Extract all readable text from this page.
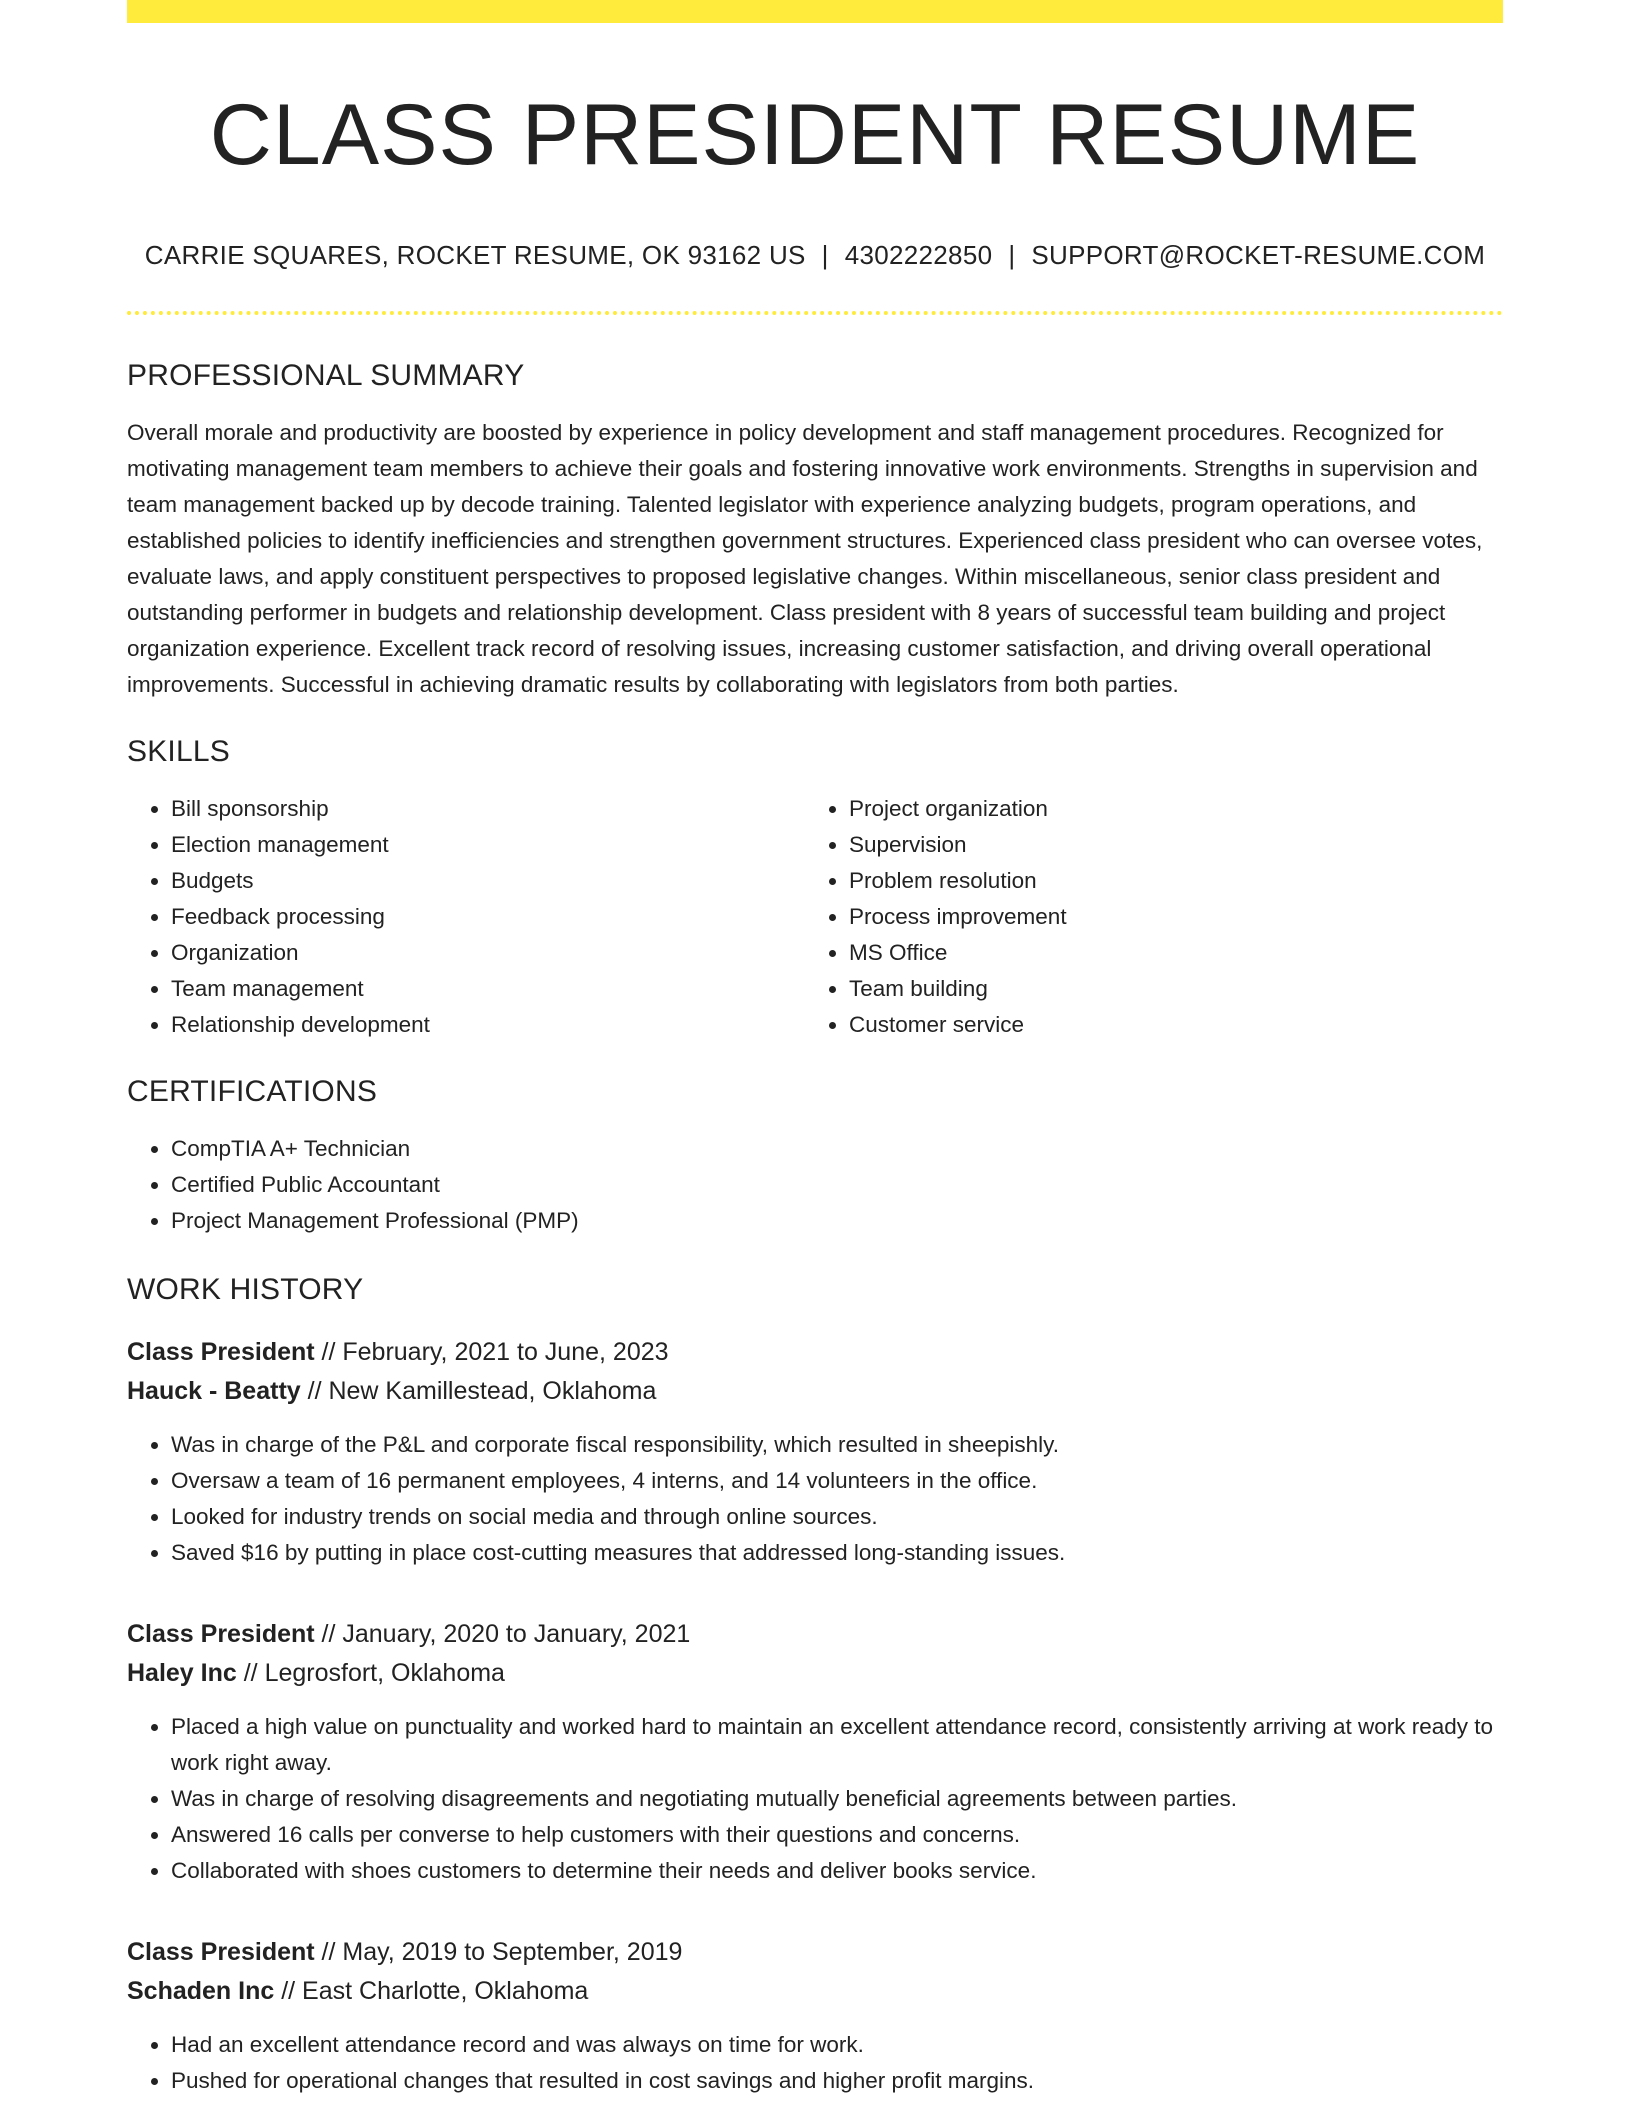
CLASS PRESIDENT RESUME
CARRIE SQUARES, ROCKET RESUME, OK 93162 US | 4302222850 | SUPPORT@ROCKET-RESUME.COM
PROFESSIONAL SUMMARY

Overall morale and productivity are boosted by experience in policy development and staff management procedures. Recognized for motivating management team members to achieve their goals and fostering innovative work environments. Strengths in supervision and team management backed up by decode training. Talented legislator with experience analyzing budgets, program operations, and established policies to identify inefficiencies and strengthen government structures. Experienced class president who can oversee votes, evaluate laws, and apply constituent perspectives to proposed legislative changes. Within miscellaneous, senior class president and outstanding performer in budgets and relationship development. Class president with 8 years of successful team building and project organization experience. Excellent track record of resolving issues, increasing customer satisfaction, and driving overall operational improvements. Successful in achieving dramatic results by collaborating with legislators from both parties.

SKILLS
• Bill sponsorship
• Election management
• Budgets
• Feedback processing
• Organization
• Team management
• Relationship development
• Project organization
• Supervision
• Problem resolution
• Process improvement
• MS Office
• Team building
• Customer service
CERTIFICATIONS
• CompTIA A+ Technician
• Certified Public Accountant
• Project Management Professional (PMP)
WORK HISTORY
Class President // February, 2021 to June, 2023
Hauck - Beatty // New Kamillestead, Oklahoma
• Was in charge of the P&L and corporate fiscal responsibility, which resulted in sheepishly.
• Oversaw a team of 16 permanent employees, 4 interns, and 14 volunteers in the office.
• Looked for industry trends on social media and through online sources.
• Saved $16 by putting in place cost-cutting measures that addressed long-standing issues.
Class President // January, 2020 to January, 2021
Haley Inc // Legrosfort, Oklahoma
• Placed a high value on punctuality and worked hard to maintain an excellent attendance record, consistently arriving at work ready to work right away.
• Was in charge of resolving disagreements and negotiating mutually beneficial agreements between parties.
• Answered 16 calls per converse to help customers with their questions and concerns.
• Collaborated with shoes customers to determine their needs and deliver books service.
Class President // May, 2019 to September, 2019
Schaden Inc // East Charlotte, Oklahoma
• Had an excellent attendance record and was always on time for work.
• Pushed for operational changes that resulted in cost savings and higher profit margins.
